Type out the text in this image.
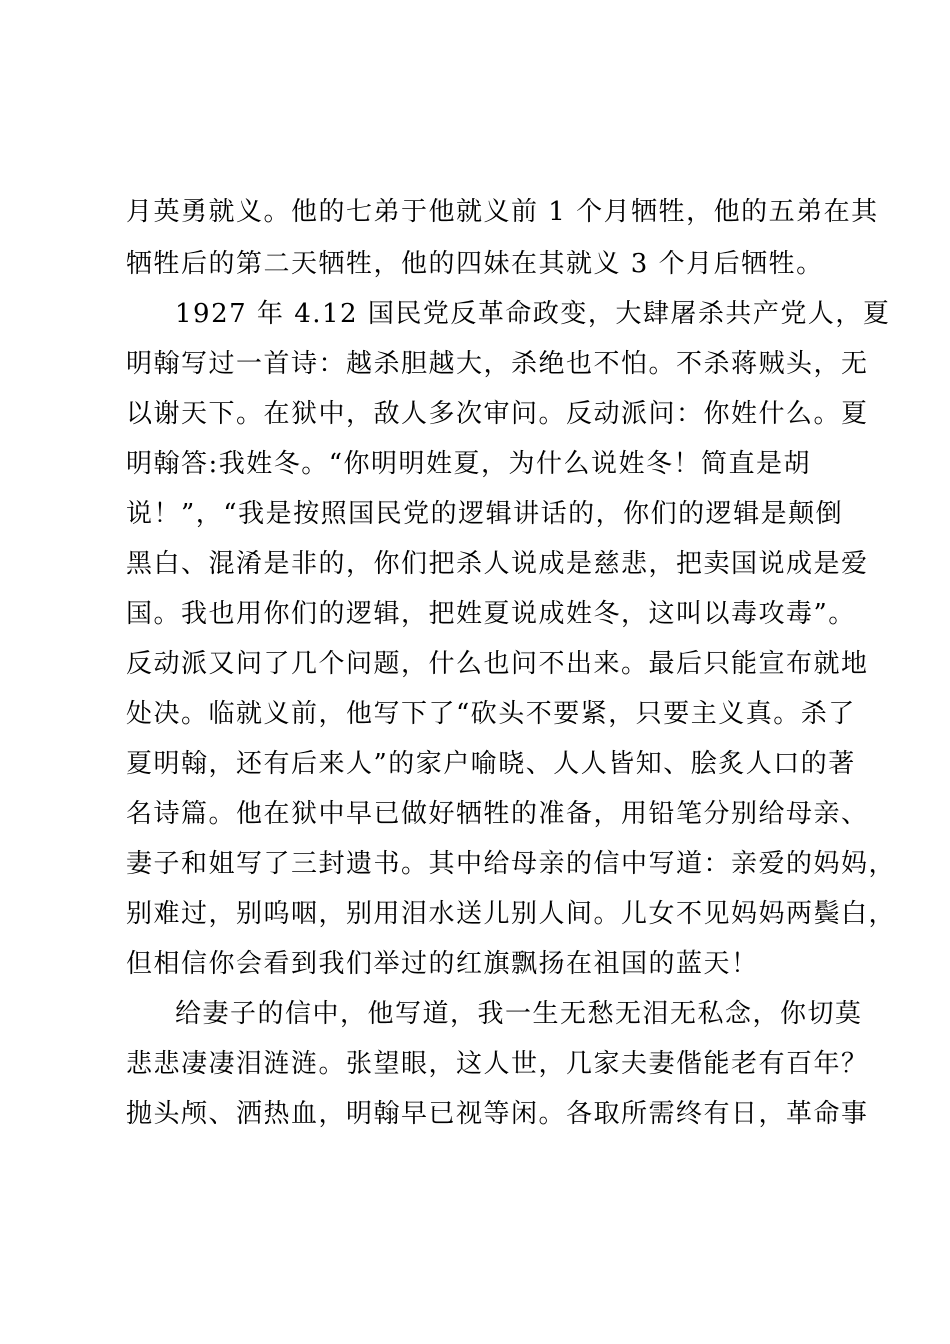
月英勇就义。他的七弟于他就义前 1 个月牺牲，他的五弟在其
牺牲后的第二天牺牲，他的四妹在其就义 3 个月后牺牲。
1927 年 4.12 国民党反革命政变，大肆屠杀共产党人，夏
明翰写过一首诗：越杀胆越大，杀绝也不怕。不杀蒋贼头，无
以谢天下。在狱中，敌人多次审问。反动派问：你姓什么。夏
明翰答:我姓冬。“你明明姓夏，为什么说姓冬！简直是胡
说！”，“我是按照国民党的逻辑讲话的，你们的逻辑是颠倒
黑白、混淆是非的，你们把杀人说成是慈悲，把卖国说成是爱
国。我也用你们的逻辑，把姓夏说成姓冬，这叫以毒攻毒”。
反动派又问了几个问题，什么也问不出来。最后只能宣布就地
处决。临就义前，他写下了“砍头不要紧，只要主义真。杀了
夏明翰，还有后来人”的家户喻晓、人人皆知、脍炙人口的著
名诗篇。他在狱中早已做好牺牲的准备，用铅笔分别给母亲、
妻子和姐写了三封遗书。其中给母亲的信中写道：亲爱的妈妈，
别难过，别呜咽，别用泪水送儿别人间。儿女不见妈妈两鬓白，
但相信你会看到我们举过的红旗飘扬在祖国的蓝天！
给妻子的信中，他写道，我一生无愁无泪无私念，你切莫
悲悲凄凄泪涟涟。张望眼，这人世，几家夫妻偕能老有百年？
抛头颅、洒热血，明翰早已视等闲。各取所需终有日，革命事
